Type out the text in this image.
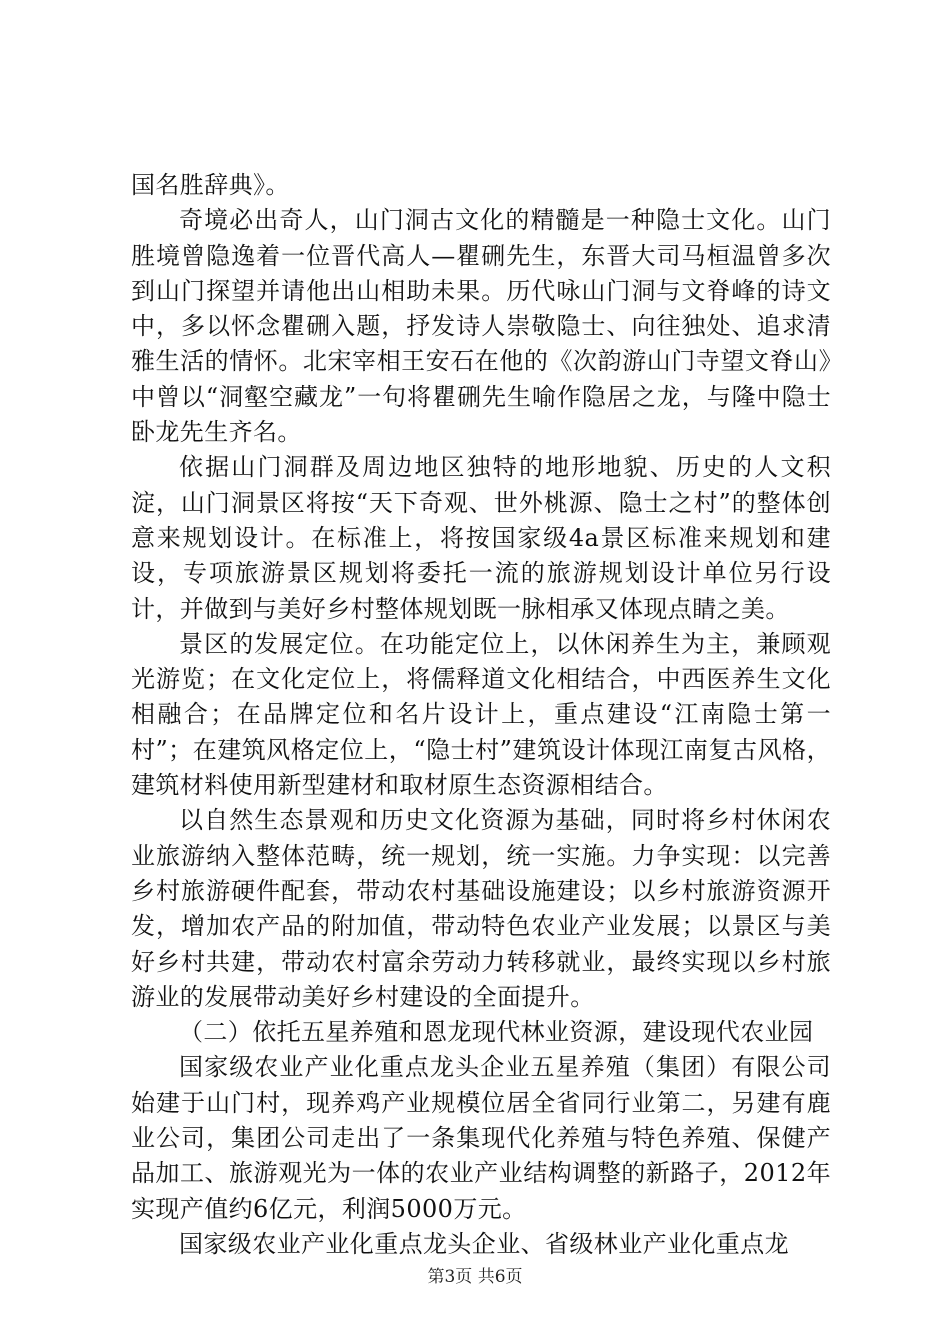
国名胜辞典》。

奇境必出奇人，山门洞古文化的精髓是一种隐士文化。山门胜境曾隐逸着一位晋代高人—瞿硎先生，东晋大司马桓温曾多次到山门探望并请他出山相助未果。历代咏山门洞与文脊峰的诗文中，多以怀念瞿硎入题，抒发诗人崇敬隐士、向往独处、追求清雅生活的情怀。北宋宰相王安石在他的《次韵游山门寺望文脊山》中曾以“洞壑空藏龙”一句将瞿硎先生喻作隐居之龙，与隆中隐士卧龙先生齐名。

依据山门洞群及周边地区独特的地形地貌、历史的人文积淀，山门洞景区将按“天下奇观、世外桃源、隐士之村”的整体创意来规划设计。在标准上，将按国家级4a景区标准来规划和建设，专项旅游景区规划将委托一流的旅游规划设计单位另行设计，并做到与美好乡村整体规划既一脉相承又体现点睛之美。

景区的发展定位。在功能定位上，以休闲养生为主，兼顾观光游览；在文化定位上，将儒释道文化相结合，中西医养生文化相融合；在品牌定位和名片设计上，重点建设“江南隐士第一村”；在建筑风格定位上，“隐士村”建筑设计体现江南复古风格，建筑材料使用新型建材和取材原生态资源相结合。

以自然生态景观和历史文化资源为基础，同时将乡村休闲农业旅游纳入整体范畴，统一规划，统一实施。力争实现：以完善乡村旅游硬件配套，带动农村基础设施建设；以乡村旅游资源开发，增加农产品的附加值，带动特色农业产业发展；以景区与美好乡村共建，带动农村富余劳动力转移就业，最终实现以乡村旅游业的发展带动美好乡村建设的全面提升。

（二）依托五星养殖和恩龙现代林业资源，建设现代农业园

国家级农业产业化重点龙头企业五星养殖（集团）有限公司始建于山门村，现养鸡产业规模位居全省同行业第二，另建有鹿业公司，集团公司走出了一条集现代化养殖与特色养殖、保健产品加工、旅游观光为一体的农业产业结构调整的新路子，2012年实现产值约6亿元，利润5000万元。

国家级农业产业化重点龙头企业、省级林业产业化重点龙

第3页 共6页
